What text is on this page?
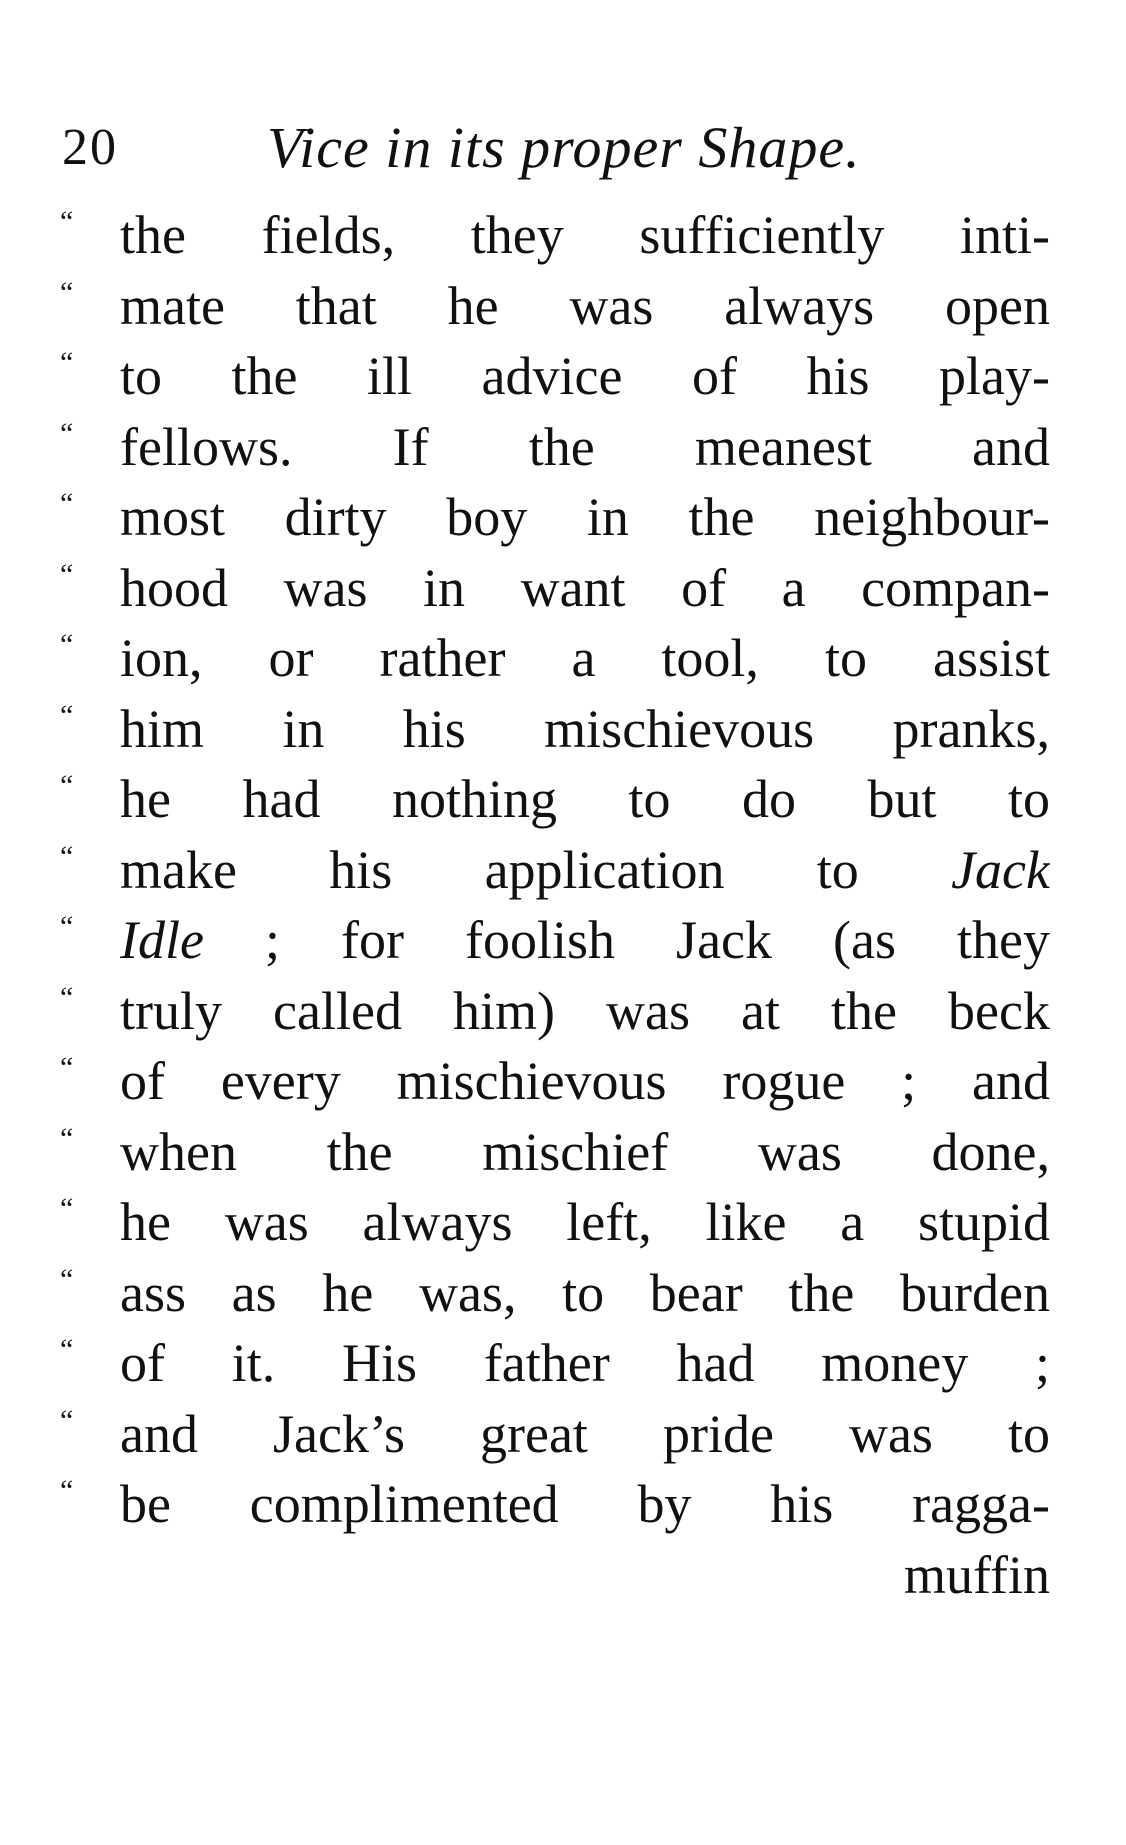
20	Vice in its proper Shape.
“ the fields, they sufficiently inti-
“ mate that he was always open
“ to the ill advice of his play-
“ fellows. If the meanest and
“ most dirty boy in the neighbour-
“ hood was in want of a compan-
“ ion, or rather a tool, to assist
“ him in his mischievous pranks,
“ he had nothing to do but to
“ make his application to Jack
“ Idle ; for foolish Jack (as they
“ truly called him) was at the beck
“ of every mischievous rogue ; and
“ when the mischief was done,
“ he was always left, like a stupid
“ ass as he was, to bear the burden
“ of it. His father had money ;
“ and Jack’s great pride was to
“ be complimented by his ragga-
muffin
